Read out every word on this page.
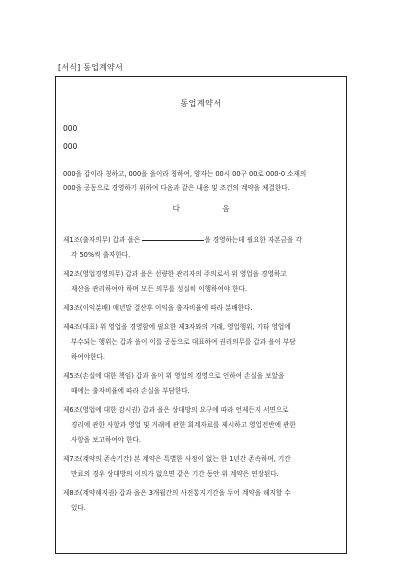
[서식] 동업계약서
동업계약서
000
000
000을 갑이라 칭하고, 000을 을이라 칭하여, 양자는 00시 00구 00로 000-0 소재의
000을 공동으로 경영하기 위하여 다음과 같은 내용 및 조건의 계약을 체결한다.
다 음
제1조(출자의무) 갑과 을은	을 경영하는데 필요한 자본금을 각
각 50%씩 출자한다.
제2조(영업경영의무) 갑과 을은 선량한 관리자의 주의로서 위 영업을 경영하고
재산을 관리하여야 하며 모든 의무를 성실히 이행하여야 한다.
제3조(이익분배) 매년말 결산후 이익을 출자비율에 따라 분배한다.
제4조(대표) 위 영업을 경영함에 필요한 제3자와의 거래, 영업행위, 기타 영업에
부수되는 행위는 갑과 을이 이를 공동으로 대표하여 권리의무를 갑과 을이 부담
하여야한다.
제5조(손실에 대한 책임) 갑과 을이 위 영업의 경영으로 인하여 손실을 보았을
때에는 출자비율에 따라 손실을 부담한다.
제6조(영업에 대한 감시권) 갑과 을은 상대방의 요구에 따라 언제든지 서면으로
경리에 관한 사항과 영업 및 거래에 관한 회계자료를 제시하고 영업전반에 관한
사항을 보고하여야 한다.
제7조(계약의 존속기간) 본 계약은 특별한 사정이 없는 한 1년간 존속하며, 기간
만료의 경우 상대방의 이의가 없으면 같은 기간 동안 위 계약은 연장된다.
제8조(계약해지권) 갑과 을은 3개월간의 사전통지기간을 두어 계약을 해지할 수
있다.
